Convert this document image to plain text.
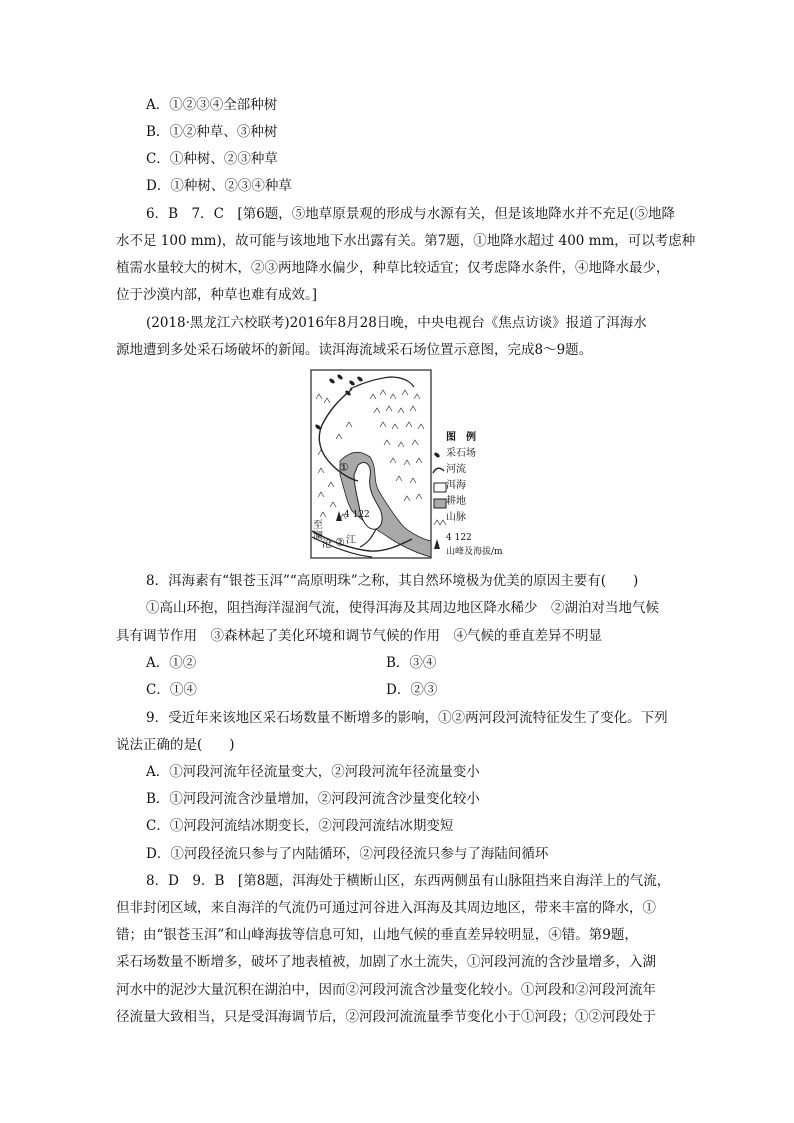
A．①②③④全部种树
B．①②种草、③种树
C．①种树、②③种草
D．①种树、②③④种草
6．B　7．C　[第6题，⑤地草原景观的形成与水源有关，但是该地降水并不充足(⑤地降
水不足 100 mm)，故可能与该地地下水出露有关。第7题，①地降水超过 400 mm，可以考虑种
植需水量较大的树木，②③两地降水偏少，种草比较适宜；仅考虑降水条件，④地降水最少，
位于沙漠内部，种草也难有成效。]
(2018·黑龙江六校联考)2016年8月28日晚，中央电视台《焦点访谈》报道了洱海水
源地遭到多处采石场破坏的新闻。读洱海流域采石场位置示意图，完成8～9题。
4 122
①
②
至
澜
沧 江
图　例
采石场
河流
洱海
耕地
山脉
4 122
山峰及海拔/m
8．洱海素有“银苍玉洱”“高原明珠”之称，其自然环境极为优美的原因主要有(　　)
①高山环抱，阻挡海洋湿润气流，使得洱海及其周边地区降水稀少　②湖泊对当地气候
具有调节作用　③森林起了美化环境和调节气候的作用　④气候的垂直差异不明显
A．①②	B．③④
C．①④	D．②③
9．受近年来该地区采石场数量不断增多的影响，①②两河段河流特征发生了变化。下列
说法正确的是(　　)
A．①河段河流年径流量变大，②河段河流年径流量变小
B．①河段河流含沙量增加，②河段河流含沙量变化较小
C．①河段河流结冰期变长，②河段河流结冰期变短
D．①河段径流只参与了内陆循环，②河段径流只参与了海陆间循环
8．D　9．B　[第8题，洱海处于横断山区，东西两侧虽有山脉阻挡来自海洋上的气流，
但非封闭区域，来自海洋的气流仍可通过河谷进入洱海及其周边地区，带来丰富的降水，①
错；由“银苍玉洱”和山峰海拔等信息可知，山地气候的垂直差异较明显，④错。第9题，
采石场数量不断增多，破坏了地表植被，加剧了水土流失，①河段河流的含沙量增多，入湖
河水中的泥沙大量沉积在湖泊中，因而②河段河流含沙量变化较小。①河段和②河段河流年
径流量大致相当，只是受洱海调节后，②河段河流流量季节变化小于①河段；①②河段处于
